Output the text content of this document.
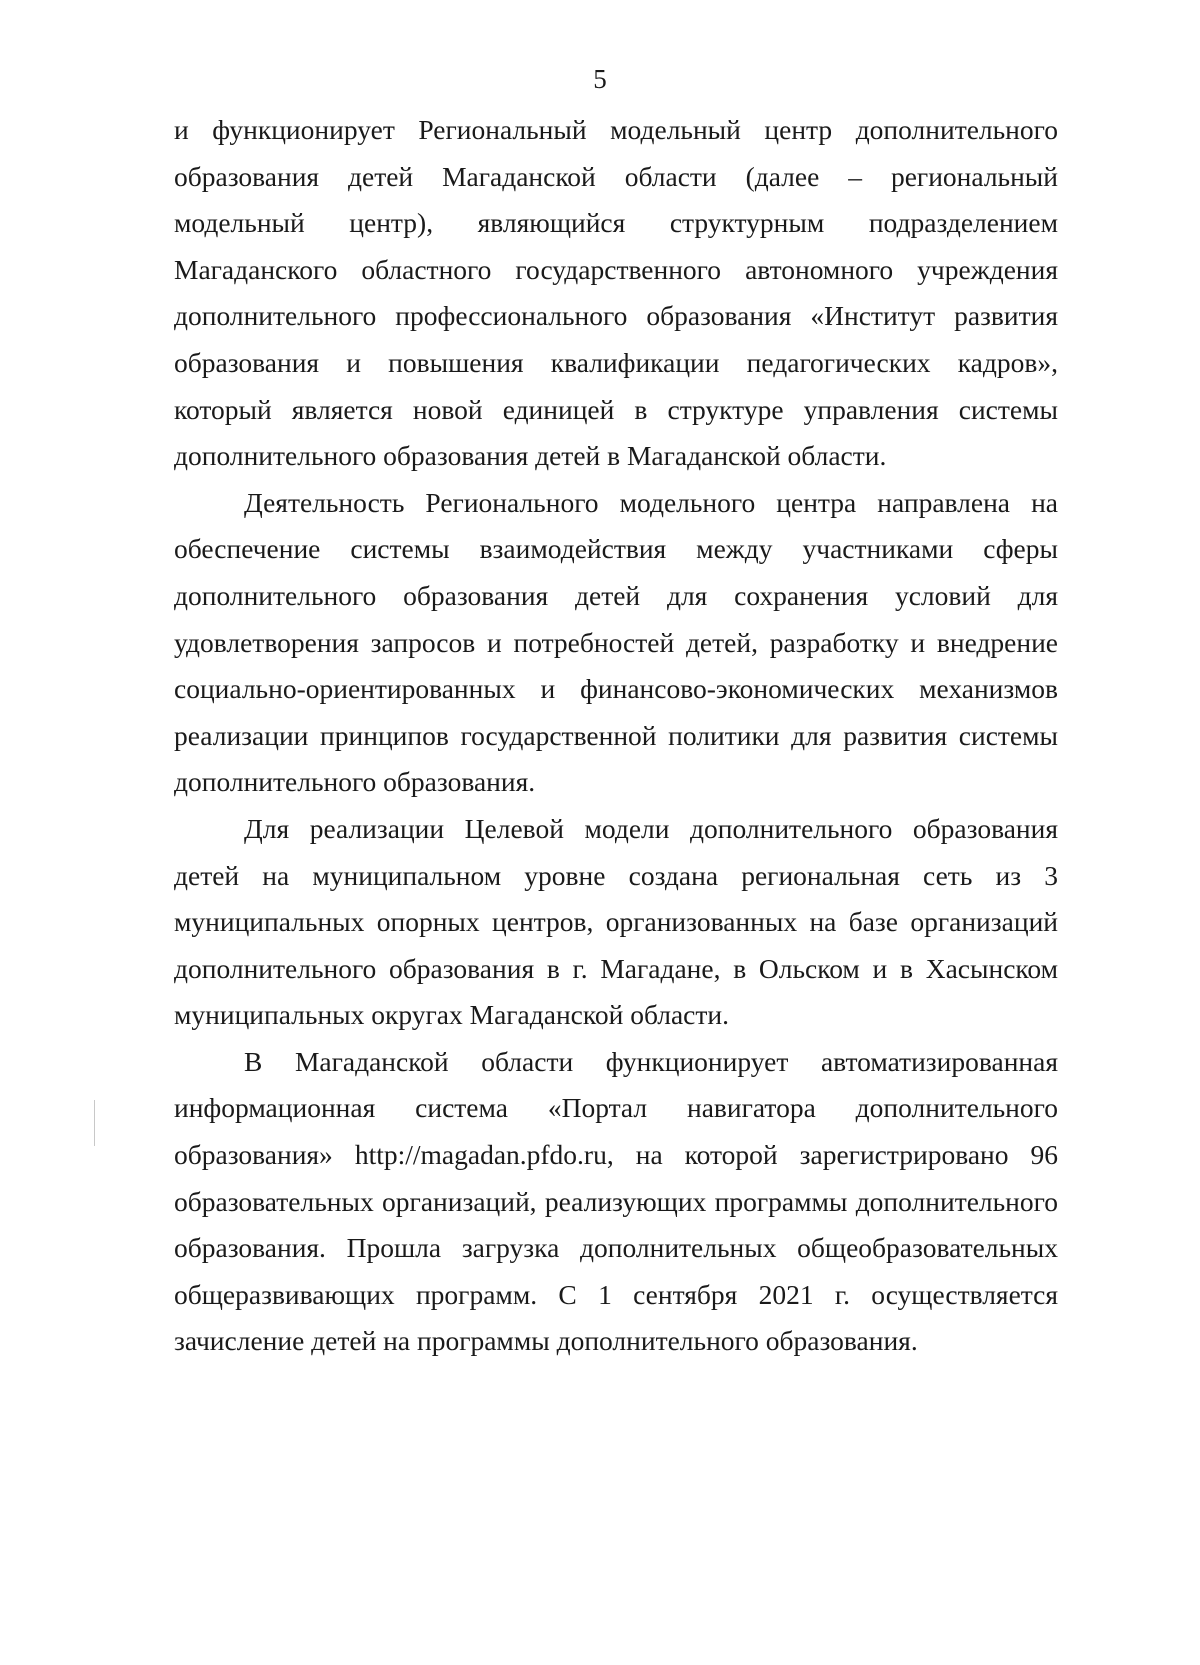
5

и функционирует Региональный модельный центр дополнительного образования детей Магаданской области (далее – региональный модельный центр), являющийся структурным подразделением Магаданского областного государственного автономного учреждения дополнительного профессионального образования «Институт развития образования и повышения квалификации педагогических кадров», который является новой единицей в структуре управления системы дополнительного образования детей в Магаданской области.

Деятельность Регионального модельного центра направлена на обеспечение системы взаимодействия между участниками сферы дополнительного образования детей для сохранения условий для удовлетворения запросов и потребностей детей, разработку и внедрение социально-ориентированных и финансово-экономических механизмов реализации принципов государственной политики для развития системы дополнительного образования.

Для реализации Целевой модели дополнительного образования детей на муниципальном уровне создана региональная сеть из 3 муниципальных опорных центров, организованных на базе организаций дополнительного образования в г. Магадане, в Ольском и в Хасынском муниципальных округах Магаданской области.

В Магаданской области функционирует автоматизированная информационная система «Портал навигатора дополнительного образования» http://magadan.pfdo.ru, на которой зарегистрировано 96 образовательных организаций, реализующих программы дополнительного образования. Прошла загрузка дополнительных общеобразовательных общеразвивающих программ. С 1 сентября 2021 г. осуществляется зачисление детей на программы дополнительного образования.
